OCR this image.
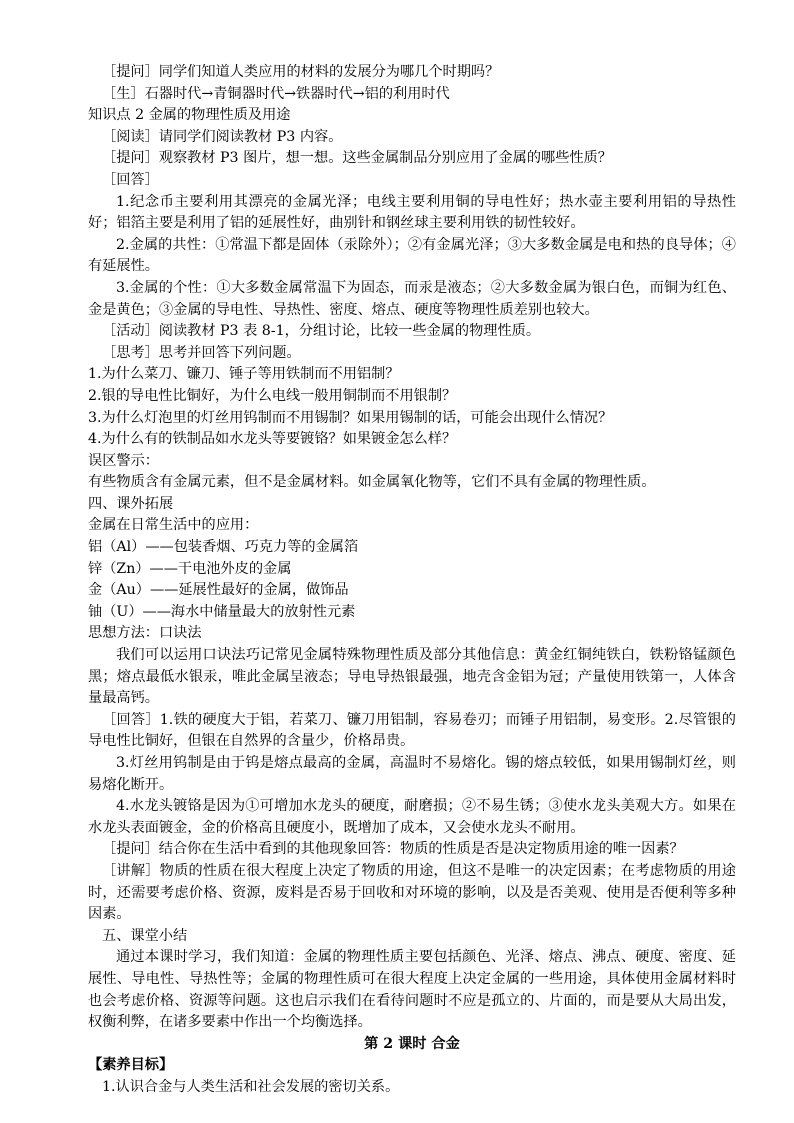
［提问］同学们知道人类应用的材料的发展分为哪几个时期吗？

［生］石器时代→青铜器时代→铁器时代→铝的利用时代

知识点 2 金属的物理性质及用途

［阅读］请同学们阅读教材 P3 内容。

［提问］观察教材 P3 图片，想一想。这些金属制品分别应用了金属的哪些性质？

［回答］

1.纪念币主要利用其漂亮的金属光泽；电线主要利用铜的导电性好；热水壶主要利用铝的导热性好；铝箔主要是利用了铝的延展性好，曲别针和钢丝球主要利用铁的韧性较好。

2.金属的共性：①常温下都是固体（汞除外）；②有金属光泽；③大多数金属是电和热的良导体；④有延展性。

3.金属的个性：①大多数金属常温下为固态，而汞是液态；②大多数金属为银白色，而铜为红色、金是黄色；③金属的导电性、导热性、密度、熔点、硬度等物理性质差别也较大。

［活动］阅读教材 P3 表 8-1，分组讨论，比较一些金属的物理性质。

［思考］思考并回答下列问题。

1.为什么菜刀、镰刀、锤子等用铁制而不用铝制？

2.银的导电性比铜好，为什么电线一般用铜制而不用银制？

3.为什么灯泡里的灯丝用钨制而不用锡制？如果用锡制的话，可能会出现什么情况？

4.为什么有的铁制品如水龙头等要镀铬？如果镀金怎么样？

误区警示：

有些物质含有金属元素，但不是金属材料。如金属氧化物等，它们不具有金属的物理性质。

四、课外拓展

金属在日常生活中的应用：

铝（Al）——包装香烟、巧克力等的金属箔

锌（Zn）——干电池外皮的金属

金（Au）——延展性最好的金属，做饰品

铀（U）——海水中储量最大的放射性元素

思想方法：口诀法

我们可以运用口诀法巧记常见金属特殊物理性质及部分其他信息：黄金红铜纯铁白，铁粉铬锰颜色黑；熔点最低水银汞，唯此金属呈液态；导电导热银最强，地壳含金铝为冠；产量使用铁第一，人体含量最高钙。

［回答］1.铁的硬度大于铝，若菜刀、镰刀用铝制，容易卷刃；而锤子用铝制，易变形。2.尽管银的导电性比铜好，但银在自然界的含量少，价格昂贵。

3.灯丝用钨制是由于钨是熔点最高的金属，高温时不易熔化。锡的熔点较低，如果用锡制灯丝，则易熔化断开。

4.水龙头镀铬是因为①可增加水龙头的硬度，耐磨损；②不易生锈；③使水龙头美观大方。如果在水龙头表面镀金，金的价格高且硬度小，既增加了成本，又会使水龙头不耐用。

［提问］结合你在生活中看到的其他现象回答：物质的性质是否是决定物质用途的唯一因素？

［讲解］物质的性质在很大程度上决定了物质的用途，但这不是唯一的决定因素；在考虑物质的用途时，还需要考虑价格、资源，废料是否易于回收和对环境的影响，以及是否美观、使用是否便利等多种因素。

五、课堂小结

通过本课时学习，我们知道：金属的物理性质主要包括颜色、光泽、熔点、沸点、硬度、密度、延展性、导电性、导热性等；金属的物理性质可在很大程度上决定金属的一些用途，具体使用金属材料时也会考虑价格、资源等问题。这也启示我们在看待问题时不应是孤立的、片面的，而是要从大局出发，权衡利弊，在诸多要素中作出一个均衡选择。

第 2 课时 合金

【素养目标】

1.认识合金与人类生活和社会发展的密切关系。
